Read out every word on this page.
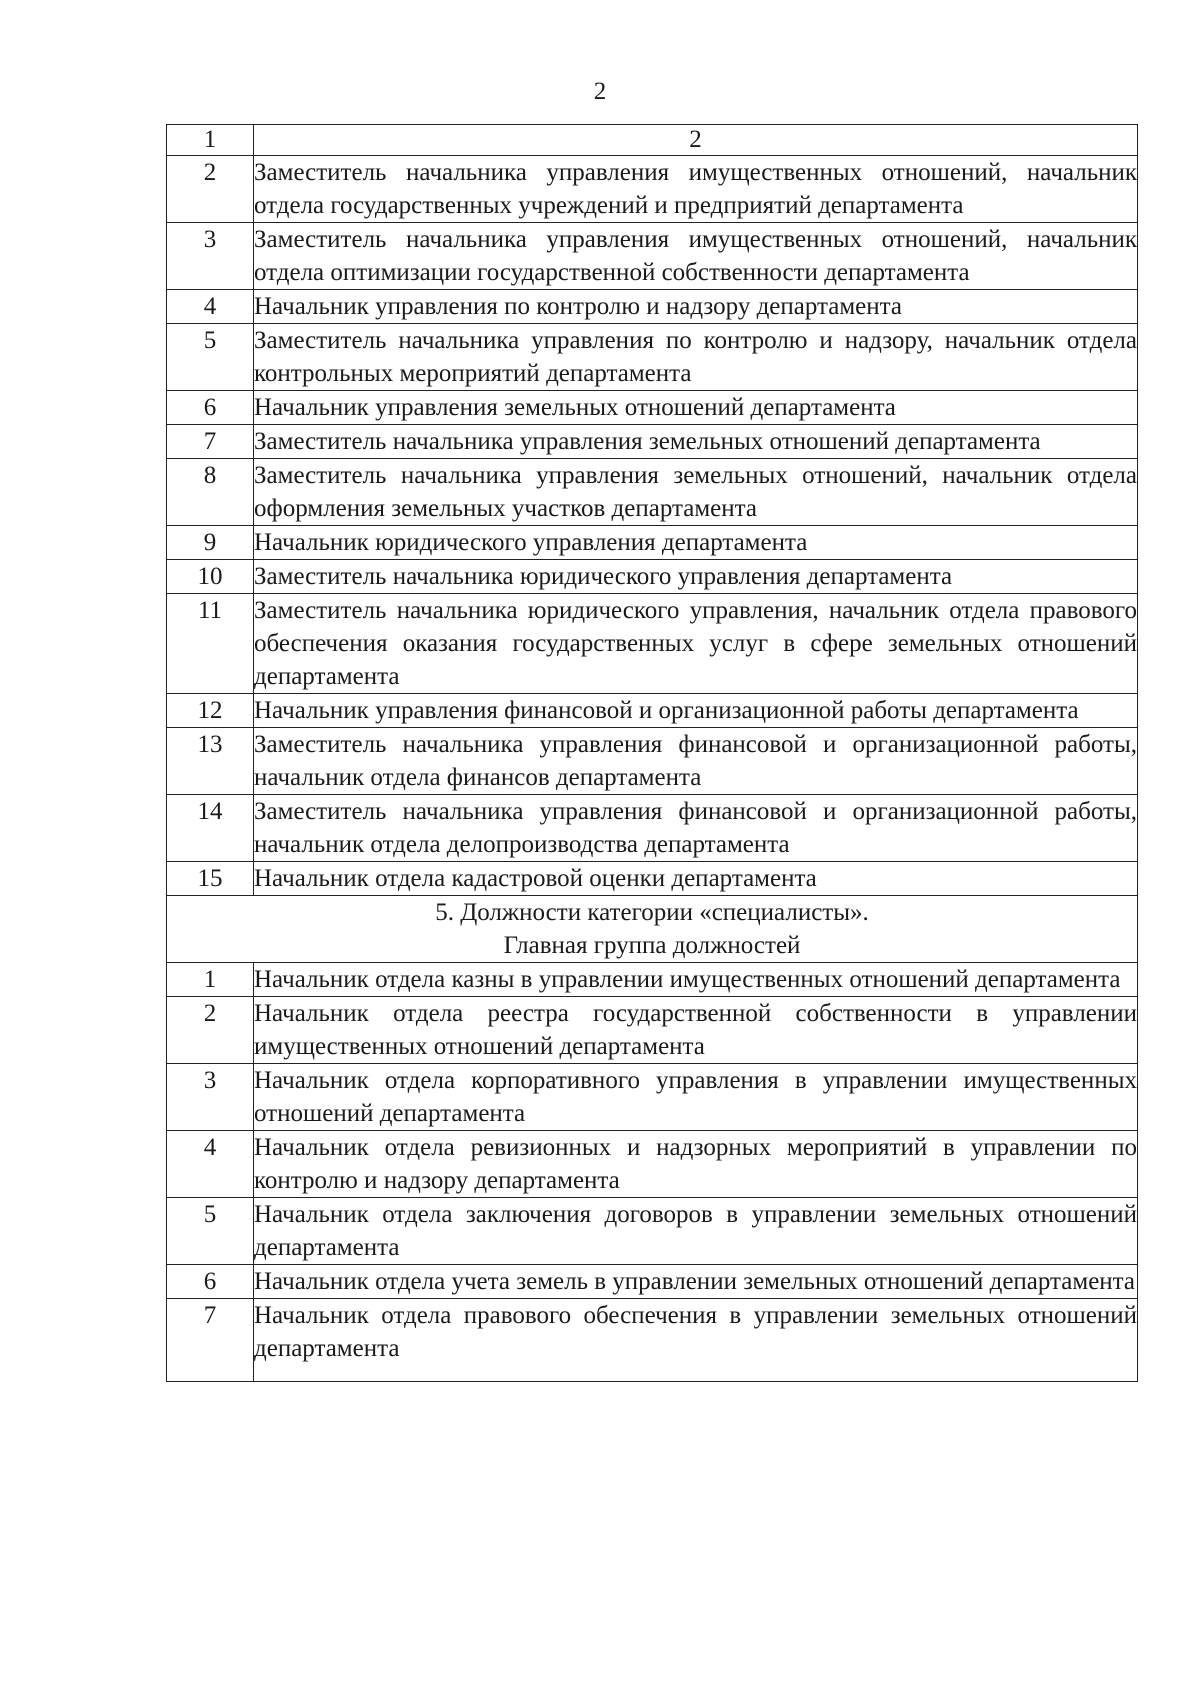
2
1	2
2	Заместитель начальника управления имущественных отношений, начальник отдела государственных учреждений и предприятий департамента
3	Заместитель начальника управления имущественных отношений, начальник отдела оптимизации государственной собственности департамента
4	Начальник управления по контролю и надзору департамента
5	Заместитель начальника управления по контролю и надзору, начальник отдела контрольных мероприятий департамента
6	Начальник управления земельных отношений департамента
7	Заместитель начальника управления земельных отношений департамента
8	Заместитель начальника управления земельных отношений, начальник отдела оформления земельных участков департамента
9	Начальник юридического управления департамента
10	Заместитель начальника юридического управления департамента
11	Заместитель начальника юридического управления, начальник отдела правового обеспечения оказания государственных услуг в сфере земельных отношений департамента
12	Начальник управления финансовой и организационной работы департамента
13	Заместитель начальника управления финансовой и организационной работы, начальник отдела финансов департамента
14	Заместитель начальника управления финансовой и организационной работы, начальник отдела делопроизводства департамента
15	Начальник отдела кадастровой оценки департамента

5. Должности категории «специалисты».
Главная группа должностей	

1	Начальник отдела казны в управлении имущественных отношений департамента
2	Начальник отдела реестра государственной собственности в управлении имущественных отношений департамента
3	Начальник отдела корпоративного управления в управлении имущественных отношений департамента
4	Начальник отдела ревизионных и надзорных мероприятий в управлении по контролю и надзору департамента
5	Начальник отдела заключения договоров в управлении земельных отношений департамента
6	Начальник отдела учета земель в управлении земельных отношений департамента
7	Начальник отдела правового обеспечения в управлении земельных отношений департамента
